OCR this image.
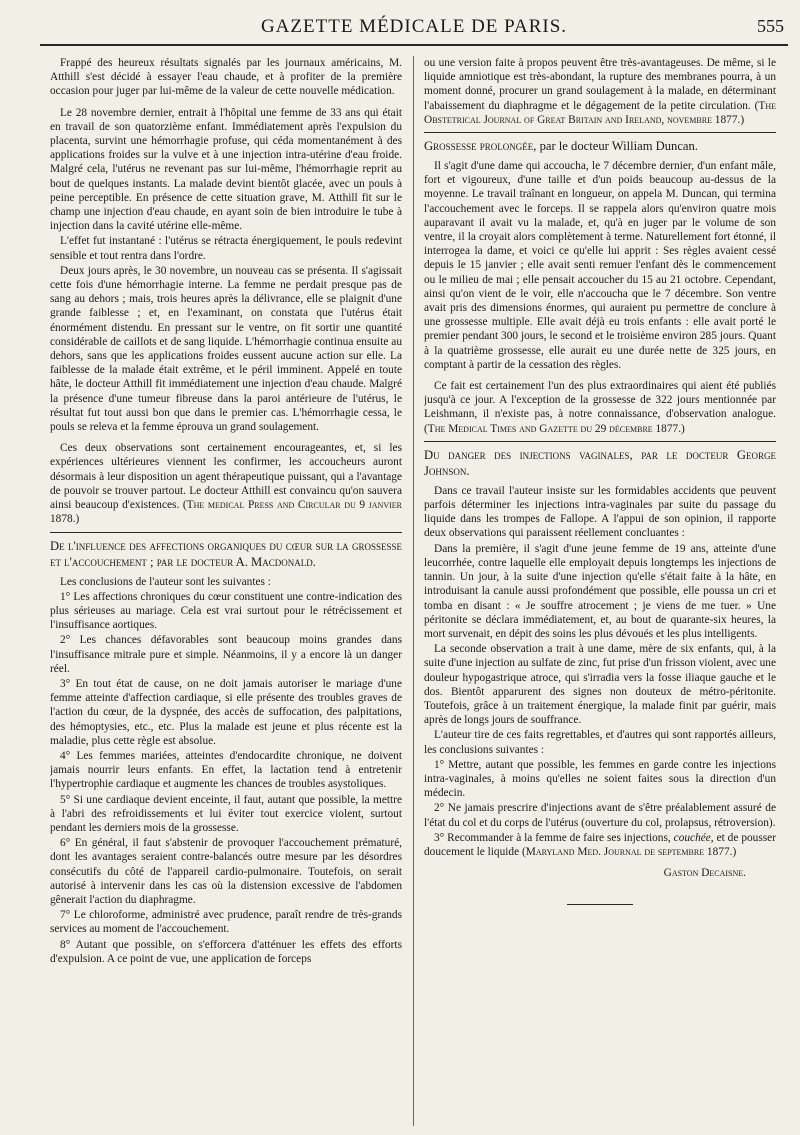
GAZETTE MÉDICALE DE PARIS.	555

Frappé des heureux résultats signalés par les journaux américains, M. Atthill s'est décidé à essayer l'eau chaude, et à profiter de la première occasion pour juger par lui-même de la valeur de cette nouvelle médication.

Le 28 novembre dernier, entrait à l'hôpital une femme de 33 ans qui était en travail de son quatorzième enfant. Immédiatement après l'expulsion du placenta, survint une hémorrhagie profuse, qui céda momentanément à des applications froides sur la vulve et à une injection intra-utérine d'eau froide. Malgré cela, l'utérus ne revenant pas sur lui-même, l'hémorrhagie reprit au bout de quelques instants. La malade devint bientôt glacée, avec un pouls à peine perceptible. En présence de cette situation grave, M. Atthill fit sur le champ une injection d'eau chaude, en ayant soin de bien introduire le tube à injection dans la cavité utérine elle-même.

L'effet fut instantané : l'utérus se rétracta énergiquement, le pouls redevint sensible et tout rentra dans l'ordre.

Deux jours après, le 30 novembre, un nouveau cas se présenta. Il s'agissait cette fois d'une hémorrhagie interne. La femme ne perdait presque pas de sang au dehors ; mais, trois heures après la délivrance, elle se plaignit d'une grande faiblesse ; et, en l'examinant, on constata que l'utérus était énormément distendu. En pressant sur le ventre, on fit sortir une quantité considérable de caillots et de sang liquide. L'hémorrhagie continua ensuite au dehors, sans que les applications froides eussent aucune action sur elle. La faiblesse de la malade était extrême, et le péril imminent. Appelé en toute hâte, le docteur Atthill fit immédiatement une injection d'eau chaude. Malgré la présence d'une tumeur fibreuse dans la paroi antérieure de l'utérus, le résultat fut tout aussi bon que dans le premier cas. L'hémorrhagie cessa, le pouls se releva et la femme éprouva un grand soulagement.

Ces deux observations sont certainement encourageantes, et, si les expériences ultérieures viennent les confirmer, les accoucheurs auront désormais à leur disposition un agent thérapeutique puissant, qui a l'avantage de pouvoir se trouver partout. Le docteur Atthill est convaincu qu'on sauvera ainsi beaucoup d'existences. (The medical Press and Circular du 9 janvier 1878.)

De l'influence des affections organiques du cœur sur la grossesse et l'accouchement ; par le docteur A. Macdonald.

Les conclusions de l'auteur sont les suivantes :

1° Les affections chroniques du cœur constituent une contre-indication des plus sérieuses au mariage. Cela est vrai surtout pour le rétrécissement et l'insuffisance aortiques.

2° Les chances défavorables sont beaucoup moins grandes dans l'insuffisance mitrale pure et simple. Néanmoins, il y a encore là un danger réel.

3° En tout état de cause, on ne doit jamais autoriser le mariage d'une femme atteinte d'affection cardiaque, si elle présente des troubles graves de l'action du cœur, de la dyspnée, des accès de suffocation, des palpitations, des hémoptysies, etc., etc. Plus la malade est jeune et plus récente est la maladie, plus cette règle est absolue.

4° Les femmes mariées, atteintes d'endocardite chronique, ne doivent jamais nourrir leurs enfants. En effet, la lactation tend à entretenir l'hypertrophie cardiaque et augmente les chances de troubles asystoliques.

5° Si une cardiaque devient enceinte, il faut, autant que possible, la mettre à l'abri des refroidissements et lui éviter tout exercice violent, surtout pendant les derniers mois de la grossesse.

6° En général, il faut s'abstenir de provoquer l'accouchement prématuré, dont les avantages seraient contre-balancés outre mesure par les désordres consécutifs du côté de l'appareil cardio-pulmonaire. Toutefois, on serait autorisé à intervenir dans les cas où la distension excessive de l'abdomen gênerait l'action du diaphragme.

7° Le chloroforme, administré avec prudence, paraît rendre de très-grands services au moment de l'accouchement.

8° Autant que possible, on s'efforcera d'atténuer les effets des efforts d'expulsion. A ce point de vue, une application de forceps

ou une version faite à propos peuvent être très-avantageuses. De même, si le liquide amniotique est très-abondant, la rupture des membranes pourra, à un moment donné, procurer un grand soulagement à la malade, en déterminant l'abaissement du diaphragme et le dégagement de la petite circulation. (The Obstetrical Journal of Great Britain and Ireland, novembre 1877.)

Grossesse prolongée, par le docteur William Duncan.

Il s'agit d'une dame qui accoucha, le 7 décembre dernier, d'un enfant mâle, fort et vigoureux, d'une taille et d'un poids beaucoup au-dessus de la moyenne. Le travail traînant en longueur, on appela M. Duncan, qui termina l'accouchement avec le forceps. Il se rappela alors qu'environ quatre mois auparavant il avait vu la malade, et, qu'à en juger par le volume de son ventre, il la croyait alors complètement à terme. Naturellement fort étonné, il interrogea la dame, et voici ce qu'elle lui apprit : Ses règles avaient cessé depuis le 15 janvier ; elle avait senti remuer l'enfant dès le commencement ou le milieu de mai ; elle pensait accoucher du 15 au 21 octobre. Cependant, ainsi qu'on vient de le voir, elle n'accoucha que le 7 décembre. Son ventre avait pris des dimensions énormes, qui auraient pu permettre de conclure à une grossesse multiple. Elle avait déjà eu trois enfants : elle avait porté le premier pendant 300 jours, le second et le troisième environ 285 jours. Quant à la quatrième grossesse, elle aurait eu une durée nette de 325 jours, en comptant à partir de la cessation des règles.

Ce fait est certainement l'un des plus extraordinaires qui aient été publiés jusqu'à ce jour. A l'exception de la grossesse de 322 jours mentionnée par Leishmann, il n'existe pas, à notre connaissance, d'observation analogue. (The Medical Times and Gazette du 29 décembre 1877.)

Du danger des injections vaginales, par le docteur George Johnson.

Dans ce travail l'auteur insiste sur les formidables accidents que peuvent parfois déterminer les injections intra-vaginales par suite du passage du liquide dans les trompes de Fallope. A l'appui de son opinion, il rapporte deux observations qui paraissent réellement concluantes :

Dans la première, il s'agit d'une jeune femme de 19 ans, atteinte d'une leucorrhée, contre laquelle elle employait depuis longtemps les injections de tannin. Un jour, à la suite d'une injection qu'elle s'était faite à la hâte, en introduisant la canule aussi profondément que possible, elle poussa un cri et tomba en disant : « Je souffre atrocement ; je viens de me tuer. » Une péritonite se déclara immédiatement, et, au bout de quarante-six heures, la mort survenait, en dépit des soins les plus dévoués et les plus intelligents.

La seconde observation a trait à une dame, mère de six enfants, qui, à la suite d'une injection au sulfate de zinc, fut prise d'un frisson violent, avec une douleur hypogastrique atroce, qui s'irradia vers la fosse iliaque gauche et le dos. Bientôt apparurent des signes non douteux de métro-péritonite. Toutefois, grâce à un traitement énergique, la malade finit par guérir, mais après de longs jours de souffrance.

L'auteur tire de ces faits regrettables, et d'autres qui sont rapportés ailleurs, les conclusions suivantes :

1° Mettre, autant que possible, les femmes en garde contre les injections intra-vaginales, à moins qu'elles ne soient faites sous la direction d'un médecin.

2° Ne jamais prescrire d'injections avant de s'être préalablement assuré de l'état du col et du corps de l'utérus (ouverture du col, prolapsus, rétroversion).

3° Recommander à la femme de faire ses injections, couchée, et de pousser doucement le liquide (Maryland Med. Journal de septembre 1877.)

Gaston Decaisne.
